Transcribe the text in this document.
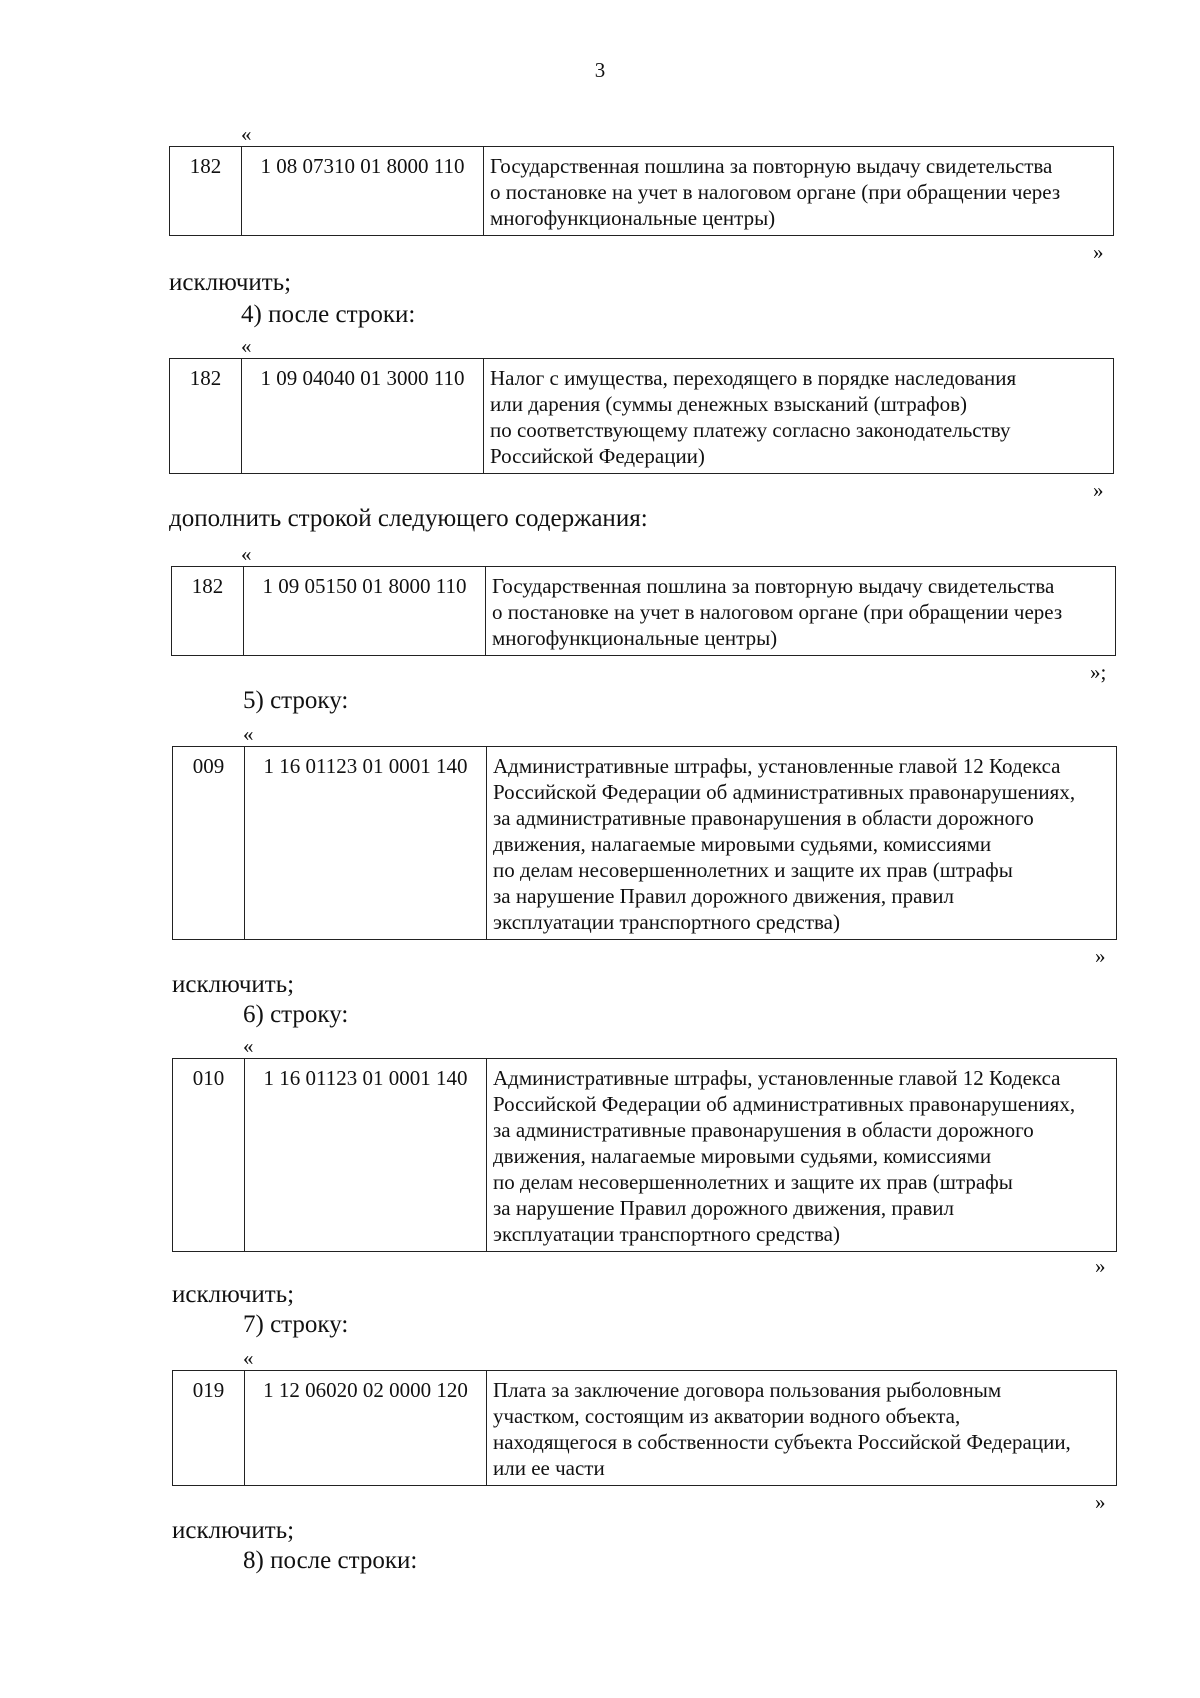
3
«
182	1 08 07310 01 8000 110	Государственная пошлина за повторную выдачу свидетельства
о постановке на учет в налоговом органе (при обращении через
многофункциональные центры)
»
исключить;
4) после строки:
«
182	1 09 04040 01 3000 110	Налог с имущества, переходящего в порядке наследования
или дарения (суммы денежных взысканий (штрафов)
по соответствующему платежу согласно законодательству
Российской Федерации)
»
дополнить строкой следующего содержания:
«
182	1 09 05150 01 8000 110	Государственная пошлина за повторную выдачу свидетельства
о постановке на учет в налоговом органе (при обращении через
многофункциональные центры)
»;
5) строку:
«
009	1 16 01123 01 0001 140	Административные штрафы, установленные главой 12 Кодекса
Российской Федерации об административных правонарушениях,
за административные правонарушения в области дорожного
движения, налагаемые мировыми судьями, комиссиями
по делам несовершеннолетних и защите их прав (штрафы
за нарушение Правил дорожного движения, правил
эксплуатации транспортного средства)
»
исключить;
6) строку:
«
010	1 16 01123 01 0001 140	Административные штрафы, установленные главой 12 Кодекса
Российской Федерации об административных правонарушениях,
за административные правонарушения в области дорожного
движения, налагаемые мировыми судьями, комиссиями
по делам несовершеннолетних и защите их прав (штрафы
за нарушение Правил дорожного движения, правил
эксплуатации транспортного средства)
»
исключить;
7) строку:
«
019	1 12 06020 02 0000 120	Плата за заключение договора пользования рыболовным
участком, состоящим из акватории водного объекта,
находящегося в собственности субъекта Российской Федерации,
или ее части
»
исключить;
8) после строки:
